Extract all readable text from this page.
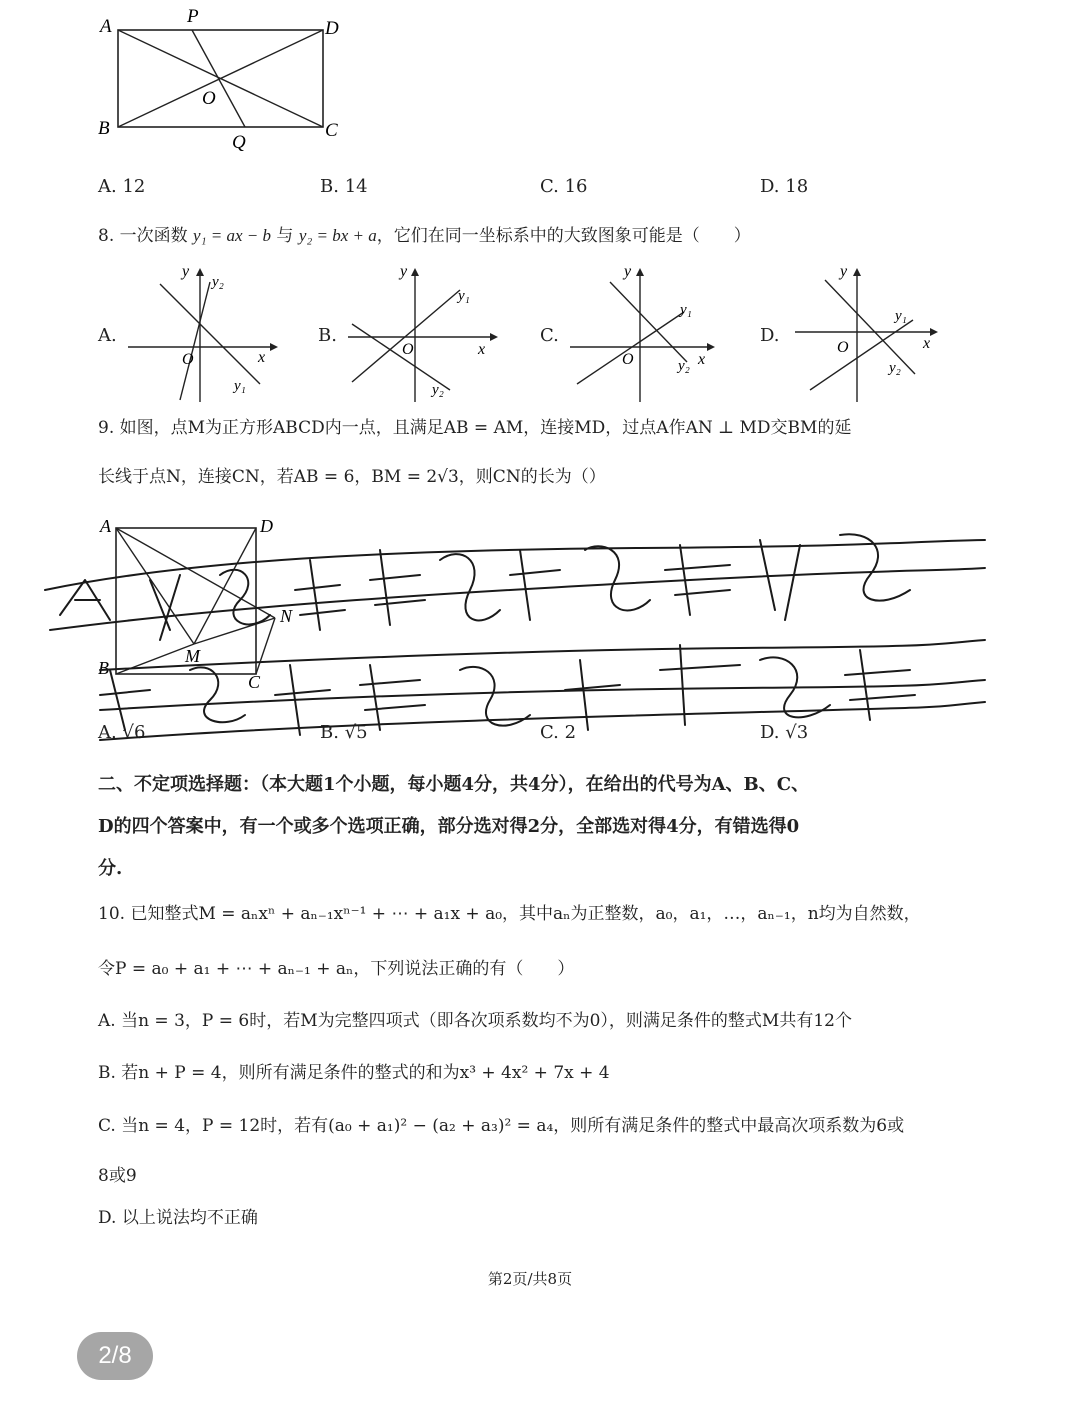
A	P
D
O
B
Q
C
A. 12	B. 14	C. 16	D. 18
8. 一次函数 y₁ = ax − b 与 y₂ = bx + a，它们在同一坐标系中的大致图象可能是（　　）
A.
y
x
O
y₂
y₁
B.
y
x
O
y₁
y₂
C.
y
x
O
y₁
y₂
D.
y
x
O
y₁
y₂
9. 如图，点M为正方形ABCD内一点，且满足AB = AM，连接MD，过点A作AN ⊥ MD交BM的延
长线于点N，连接CN，若AB = 6，BM = 2√3，则CN的长为（）
A	D
B
C
M
N
A. √6	B. √5	C. 2	D. √3
全网免费资料 高考真题 好题 数学 最新
二、不定项选择题：（本大题1个小题，每小题4分，共4分），在给出的代号为A、B、C、
D的四个答案中，有一个或多个选项正确，部分选对得2分，全部选对得4分，有错选得0
分.
10. 已知整式M = aₙxⁿ + aₙ₋₁xⁿ⁻¹ + ⋯ + a₁x + a₀，其中aₙ为正整数，a₀，a₁，…，aₙ₋₁，n均为自然数，
令P = a₀ + a₁ + ⋯ + aₙ₋₁ + aₙ，下列说法正确的有（　　）
A. 当n = 3，P = 6时，若M为完整四项式（即各次项系数均不为0），则满足条件的整式M共有12个
B. 若n + P = 4，则所有满足条件的整式的和为x³ + 4x² + 7x + 4
C. 当n = 4，P = 12时，若有(a₀ + a₁)² − (a₂ + a₃)² = a₄，则所有满足条件的整式中最高次项系数为6或
8或9
D. 以上说法均不正确
第2页/共8页
2/8
